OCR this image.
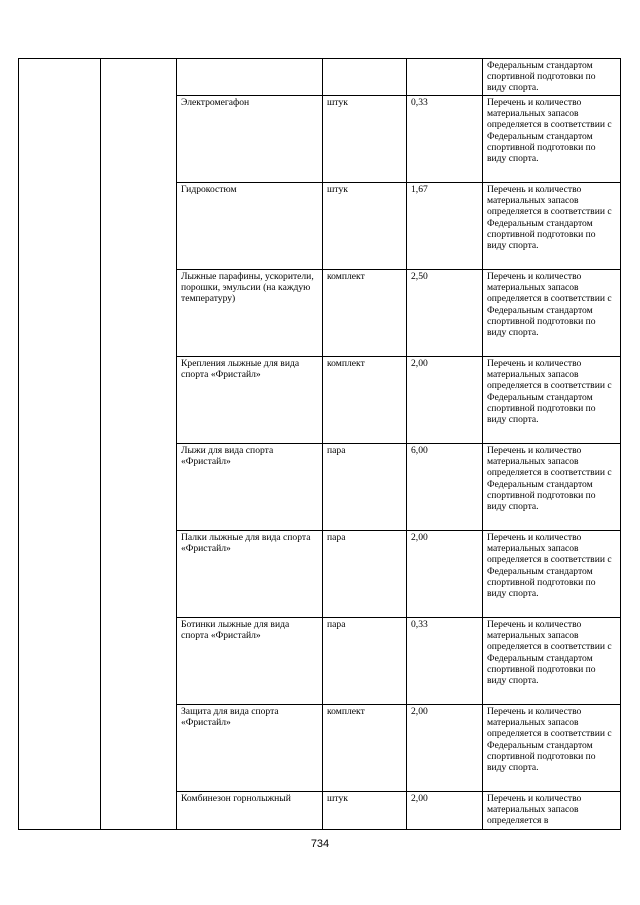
					Федеральным стандартом спортивной подготовки по виду спорта.
		Электромегафон	штук	0,33	Перечень и количество материальных запасов определяется в соответствии с Федеральным стандартом спортивной подготовки по виду спорта.
		Гидрокостюм	штук	1,67	Перечень и количество материальных запасов определяется в соответствии с Федеральным стандартом спортивной подготовки по виду спорта.
		Лыжные парафины, ускорители, порошки, эмульсии (на каждую температуру)	комплект	2,50	Перечень и количество материальных запасов определяется в соответствии с Федеральным стандартом спортивной подготовки по виду спорта.
		Крепления лыжные для вида спорта «Фристайл»	комплект	2,00	Перечень и количество материальных запасов определяется в соответствии с Федеральным стандартом спортивной подготовки по виду спорта.
		Лыжи для вида спорта «Фристайл»	пара	6,00	Перечень и количество материальных запасов определяется в соответствии с Федеральным стандартом спортивной подготовки по виду спорта.
		Палки лыжные для вида спорта «Фристайл»	пара	2,00	Перечень и количество материальных запасов определяется в соответствии с Федеральным стандартом спортивной подготовки по виду спорта.
		Ботинки лыжные для вида спорта «Фристайл»	пара	0,33	Перечень и количество материальных запасов определяется в соответствии с Федеральным стандартом спортивной подготовки по виду спорта.
		Защита для вида спорта «Фристайл»	комплект	2,00	Перечень и количество материальных запасов определяется в соответствии с Федеральным стандартом спортивной подготовки по виду спорта.
		Комбинезон горнолыжный	штук	2,00	Перечень и количество материальных запасов определяется в
734
